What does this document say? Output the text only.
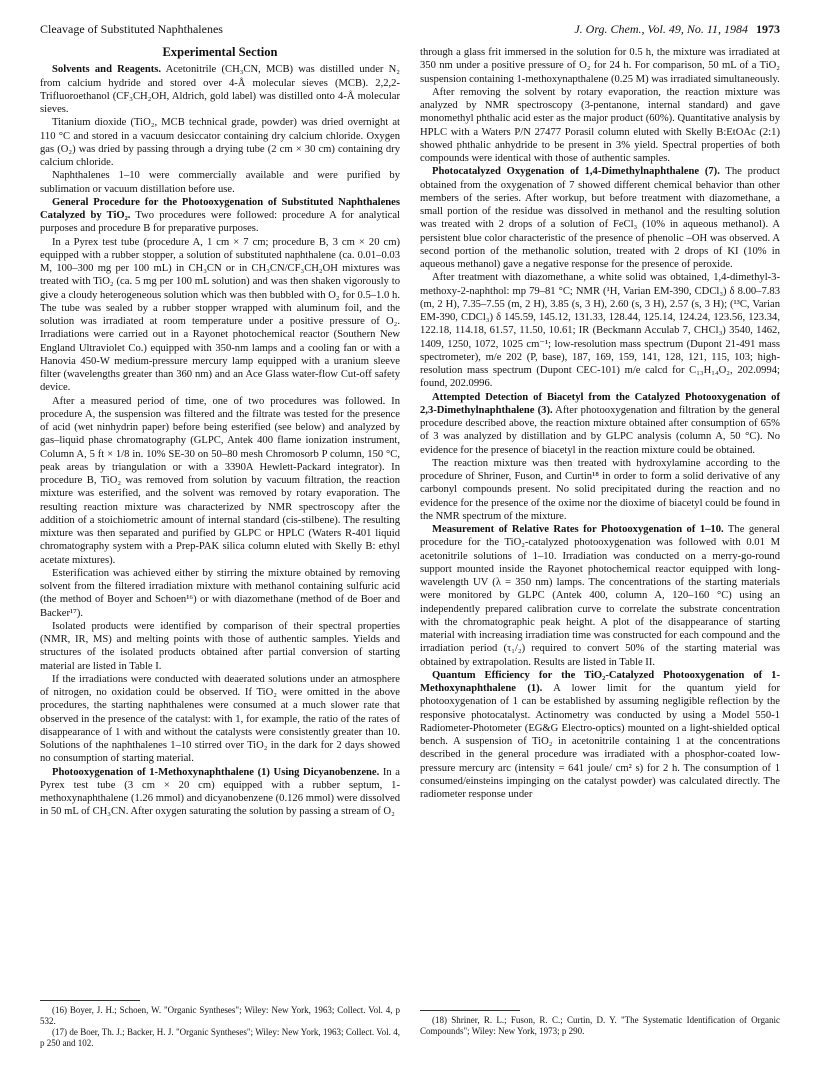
Cleavage of Substituted Naphthalenes	J. Org. Chem., Vol. 49, No. 11, 1984 1973
Experimental Section

Solvents and Reagents. Acetonitrile (CH₃CN, MCB) was distilled under N₂ from calcium hydride and stored over 4-Å molecular sieves (MCB). 2,2,2-Trifluoroethanol (CF₃CH₂OH, Aldrich, gold label) was distilled onto 4-Å molecular sieves.

Titanium dioxide (TiO₂, MCB technical grade, powder) was dried overnight at 110 °C and stored in a vacuum desiccator containing dry calcium chloride. Oxygen gas (O₂) was dried by passing through a drying tube (2 cm × 30 cm) containing dry calcium chloride.

Naphthalenes 1–10 were commercially available and were purified by sublimation or vacuum distillation before use.

General Procedure for the Photooxygenation of Substituted Naphthalenes Catalyzed by TiO₂. Two procedures were followed: procedure A for analytical purposes and procedure B for preparative purposes.

In a Pyrex test tube (procedure A, 1 cm × 7 cm; procedure B, 3 cm × 20 cm) equipped with a rubber stopper, a solution of substituted naphthalene (ca. 0.01–0.03 M, 100–300 mg per 100 mL) in CH₃CN or in CH₃CN/CF₃CH₂OH mixtures was treated with TiO₂ (ca. 5 mg per 100 mL solution) and was then shaken vigorously to give a cloudy heterogeneous solution which was then bubbled with O₂ for 0.5–1.0 h. The tube was sealed by a rubber stopper wrapped with aluminum foil, and the solution was irradiated at room temperature under a positive pressure of O₂. Irradiations were carried out in a Rayonet photochemical reactor (Southern New England Ultraviolet Co.) equipped with 350-nm lamps and a cooling fan or with a Hanovia 450-W medium-pressure mercury lamp equipped with a uranium sleeve filter (wavelengths greater than 360 nm) and an Ace Glass water-flow Cut-off safety device.

After a measured period of time, one of two procedures was followed. In procedure A, the suspension was filtered and the filtrate was tested for the presence of acid (wet ninhydrin paper) before being esterified (see below) and analyzed by gas–liquid phase chromatography (GLPC, Antek 400 flame ionization instrument, Column A, 5 ft × 1/8 in. 10% SE-30 on 50–80 mesh Chromosorb P column, 150 °C, peak areas by triangulation or with a 3390A Hewlett-Packard integrator). In procedure B, TiO₂ was removed from solution by vacuum filtration, the reaction mixture was esterified, and the solvent was removed by rotary evaporation. The resulting reaction mixture was characterized by NMR spectroscopy after the addition of a stoichiometric amount of internal standard (cis-stilbene). The resulting mixture was then separated and purified by GLPC or HPLC (Waters R-401 liquid chromatography system with a Prep-PAK silica column eluted with Skelly B: ethyl acetate mixtures).

Esterification was achieved either by stirring the mixture obtained by removing solvent from the filtered irradiation mixture with methanol containing sulfuric acid (the method of Boyer and Schoen¹⁶) or with diazomethane (method of de Boer and Backer¹⁷).

Isolated products were identified by comparison of their spectral properties (NMR, IR, MS) and melting points with those of authentic samples. Yields and structures of the isolated products obtained after partial conversion of starting material are listed in Table I.

If the irradiations were conducted with deaerated solutions under an atmosphere of nitrogen, no oxidation could be observed. If TiO₂ were omitted in the above procedures, the starting naphthalenes were consumed at a much slower rate that observed in the presence of the catalyst: with 1, for example, the ratio of the rates of disappearance of 1 with and without the catalysts were consistently greater than 10. Solutions of the naphthalenes 1–10 stirred over TiO₂ in the dark for 2 days showed no consumption of starting material.

Photooxygenation of 1-Methoxynaphthalene (1) Using Dicyanobenzene. In a Pyrex test tube (3 cm × 20 cm) equipped with a rubber septum, 1-methoxynaphthalene (1.26 mmol) and dicyanobenzene (0.126 mmol) were dissolved in 50 mL of CH₃CN. After oxygen saturating the solution by passing a stream of O₂

through a glass frit immersed in the solution for 0.5 h, the mixture was irradiated at 350 nm under a positive pressure of O₂ for 24 h. For comparison, 50 mL of a TiO₂ suspension containing 1-methoxynapthalene (0.25 M) was irradiated simultaneously.

After removing the solvent by rotary evaporation, the reaction mixture was analyzed by NMR spectroscopy (3-pentanone, internal standard) and gave monomethyl phthalic acid ester as the major product (60%). Quantitative analysis by HPLC with a Waters P/N 27477 Porasil column eluted with Skelly B:EtOAc (2:1) showed phthalic anhydride to be present in 3% yield. Spectral properties of both compounds were identical with those of authentic samples.

Photocatalyzed Oxygenation of 1,4-Dimethylnaphthalene (7). The product obtained from the oxygenation of 7 showed different chemical behavior than other members of the series. After workup, but before treatment with diazomethane, a small portion of the residue was dissolved in methanol and the resulting solution was treated with 2 drops of a solution of FeCl₃ (10% in aqueous methanol). A persistent blue color characteristic of the presence of phenolic –OH was observed. A second portion of the methanolic solution, treated with 2 drops of KI (10% in aqueous methanol) gave a negative response for the presence of peroxide.

After treatment with diazomethane, a white solid was obtained, 1,4-dimethyl-3-methoxy-2-naphthol: mp 79–81 °C; NMR (¹H, Varian EM-390, CDCl₃) δ 8.00–7.83 (m, 2 H), 7.35–7.55 (m, 2 H), 3.85 (s, 3 H), 2.60 (s, 3 H), 2.57 (s, 3 H); (¹³C, Varian EM-390, CDCl₃) δ 145.59, 145.12, 131.33, 128.44, 125.14, 124.24, 123.56, 123.34, 122.18, 114.18, 61.57, 11.50, 10.61; IR (Beckmann Acculab 7, CHCl₃) 3540, 1462, 1409, 1250, 1072, 1025 cm⁻¹; low-resolution mass spectrum (Dupont 21-491 mass spectrometer), m/e 202 (P, base), 187, 169, 159, 141, 128, 121, 115, 103; high-resolution mass spectrum (Dupont CEC-101) m/e calcd for C₁₃H₁₄O₂, 202.0994; found, 202.0996.

Attempted Detection of Biacetyl from the Catalyzed Photooxygenation of 2,3-Dimethylnaphthalene (3). After photooxygenation and filtration by the general procedure described above, the reaction mixture obtained after consumption of 65% of 3 was analyzed by distillation and by GLPC analysis (column A, 50 °C). No evidence for the presence of biacetyl in the reaction mixture could be obtained.

The reaction mixture was then treated with hydroxylamine according to the procedure of Shriner, Fuson, and Curtin¹⁸ in order to form a solid derivative of any carbonyl compounds present. No solid precipitated during the reaction and no evidence for the presence of the oxime nor the dioxime of biacetyl could be found in the NMR spectrum of the mixture.

Measurement of Relative Rates for Photooxygenation of 1–10. The general procedure for the TiO₂-catalyzed photooxygenation was followed with 0.01 M acetonitrile solutions of 1–10. Irradiation was conducted on a merry-go-round support mounted inside the Rayonet photochemical reactor equipped with long-wavelength UV (λ = 350 nm) lamps. The concentrations of the starting materials were monitored by GLPC (Antek 400, column A, 120–160 °C) using an independently prepared calibration curve to correlate the substrate concentration with the chromatographic peak height. A plot of the disappearance of starting material with increasing irradiation time was constructed for each compound and the irradiation period (τ₁/₂) required to convert 50% of the starting material was obtained by extrapolation. Results are listed in Table II.

Quantum Efficiency for the TiO₂-Catalyzed Photooxygenation of 1-Methoxynaphthalene (1). A lower limit for the quantum yield for photooxygenation of 1 can be established by assuming negligible reflection by the responsive photocatalyst. Actinometry was conducted by using a Model 550-1 Radiometer-Photometer (EG&G Electro-optics) mounted on a light-shielded optical bench. A suspension of TiO₂ in acetonitrile containing 1 at the concentrations described in the general procedure was irradiated with a phosphor-coated low-pressure mercury arc (intensity = 641 joule/ cm² s) for 2 h. The consumption of 1 consumed/einsteins impinging on the catalyst powder) was calculated directly. The radiometer response under

(16) Boyer, J. H.; Schoen, W. "Organic Syntheses"; Wiley: New York, 1963; Collect. Vol. 4, p 532.
(17) de Boer, Th. J.; Backer, H. J. "Organic Syntheses"; Wiley: New York, 1963; Collect. Vol. 4, p 250 and 102.
(18) Shriner, R. L.; Fuson, R. C.; Curtin, D. Y. "The Systematic Identification of Organic Compounds"; Wiley: New York, 1973; p 290.
